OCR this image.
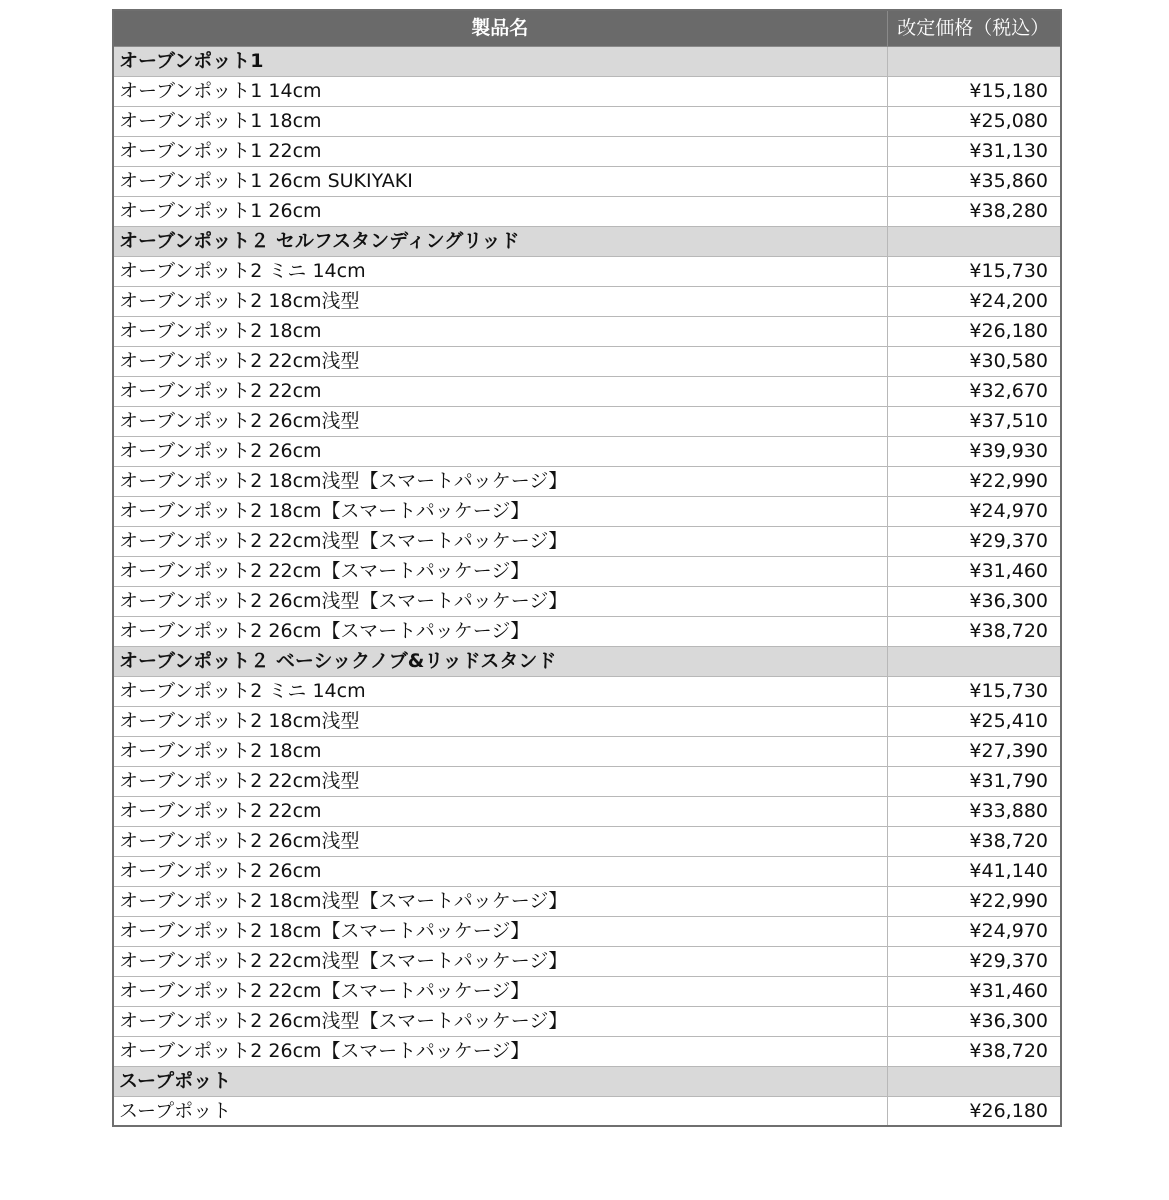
製品名	改定価格（税込）
オーブンポット1	
オーブンポット1 14cm	¥15,180
オーブンポット1 18cm	¥25,080
オーブンポット1 22cm	¥31,130
オーブンポット1 26cm SUKIYAKI	¥35,860
オーブンポット1 26cm	¥38,280
オーブンポット２ セルフスタンディングリッド	
オーブンポット2 ミニ 14cm	¥15,730
オーブンポット2 18cm浅型	¥24,200
オーブンポット2 18cm	¥26,180
オーブンポット2 22cm浅型	¥30,580
オーブンポット2 22cm	¥32,670
オーブンポット2 26cm浅型	¥37,510
オーブンポット2 26cm	¥39,930
オーブンポット2 18cm浅型【スマートパッケージ】	¥22,990
オーブンポット2 18cm【スマートパッケージ】	¥24,970
オーブンポット2 22cm浅型【スマートパッケージ】	¥29,370
オーブンポット2 22cm【スマートパッケージ】	¥31,460
オーブンポット2 26cm浅型【スマートパッケージ】	¥36,300
オーブンポット2 26cm【スマートパッケージ】	¥38,720
オーブンポット２ ベーシックノブ&リッドスタンド	
オーブンポット2 ミニ 14cm	¥15,730
オーブンポット2 18cm浅型	¥25,410
オーブンポット2 18cm	¥27,390
オーブンポット2 22cm浅型	¥31,790
オーブンポット2 22cm	¥33,880
オーブンポット2 26cm浅型	¥38,720
オーブンポット2 26cm	¥41,140
オーブンポット2 18cm浅型【スマートパッケージ】	¥22,990
オーブンポット2 18cm【スマートパッケージ】	¥24,970
オーブンポット2 22cm浅型【スマートパッケージ】	¥29,370
オーブンポット2 22cm【スマートパッケージ】	¥31,460
オーブンポット2 26cm浅型【スマートパッケージ】	¥36,300
オーブンポット2 26cm【スマートパッケージ】	¥38,720
スープポット	
スープポット	¥26,180
